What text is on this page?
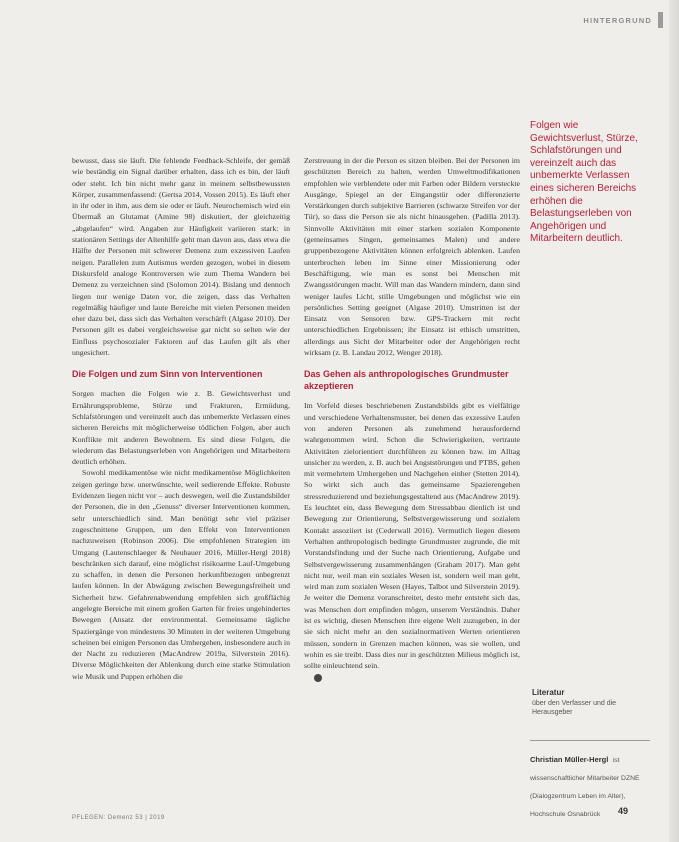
HINTERGRUND
Folgen wie Gewichtsverlust, Stürze, Schlafstörungen und vereinzelt auch das unbemerkte Verlassen eines sicheren Bereichs erhöhen die Belastungserleben von Angehörigen und Mitarbeitern deutlich.

bewusst, dass sie läuft. Die fehlende Feedback-Schleife, der gemäß wie beständig ein Signal darüber erhalten, dass ich es bin, der läuft oder steht. Ich bin nicht mehr ganz in meinem selbstbewussten Körper, zusammenfassend: (Gertsa 2014, Vossen 2015). Es läuft eher in ihr oder in ihm, aus dem sie oder er läuft. Neurochemisch wird ein Übermaß an Glutamat (Amine 98) diskutiert, der gleichzeitig „abgelaufen“ wird. Angaben zur Häufigkeit variieren stark: in stationären Settings der Altenhilfe geht man davon aus, dass etwa die Hälfte der Personen mit schwerer Demenz zum exzessiven Laufen neigen. Parallelen zum Autismus werden gezogen, wobei in diesem Diskursfeld analoge Kontroversen wie zum Thema Wandern bei Demenz zu verzeichnen sind (Solomon 2014). Bislang und dennoch liegen nur wenige Daten vor, die zeigen, dass das Verhalten regelmäßig häufiger und laute Bereiche mit vielen Personen meiden eher dazu bei, dass sich das Verhalten verschärft (Algase 2010). Der Personen gilt es dabei vergleichsweise gar nicht so selten wie der Einfluss psychosozialer Faktoren auf das Laufen gilt als eher ungesichert.

Die Folgen und zum Sinn von Interventionen

Sorgen machen die Folgen wie z. B. Gewichtsverlust und Ernährungsprobleme, Stürze und Frakturen, Ermüdung, Schlafstörungen und vereinzelt auch das unbemerkte Verlassen eines sicheren Bereichs mit möglicherweise tödlichen Folgen, aber auch Konflikte mit anderen Bewohnern. Es sind diese Folgen, die wiederum das Belastungserleben von Angehörigen und Mitarbeitern deutlich erhöhen.

Sowohl medikamentöse wie nicht medikamentöse Möglichkeiten zeigen geringe bzw. unerwünschte, weil sedierende Effekte. Robuste Evidenzen liegen nicht vor – auch deswegen, weil die Zustandsbilder der Personen, die in den „Genuss“ diverser Interventionen kommen, sehr unterschiedlich sind. Man benötigt sehr viel präziser zugeschnittene Gruppen, um den Effekt von Interventionen nachzuweisen (Robinson 2006). Die empfohlenen Strategien im Umgang (Lautenschlaeger & Neubauer 2016, Müller-Hergl 2018) beschränken sich darauf, eine möglichst risikoarme Lauf-Umgebung zu schaffen, in denen die Personen herkunftbezogen unbegrenzt laufen können. In der Abwägung zwischen Bewegungsfreiheit und Sicherheit bzw. Gefahrenabwendung empfehlen sich großflächig angelegte Bereiche mit einem großen Garten für freies ungehindertes Bewegen (Ansatz der environmental. Gemeinsame tägliche Spaziergänge von mindestens 30 Minuten in der weiteren Umgebung scheinen bei einigen Personen das Umhergehen, insbesondere auch in der Nacht zu reduzieren (MacAndrew 2019a, Silverstein 2016). Diverse Möglichkeiten der Ablenkung durch eine starke Stimulation wie Musik und Puppen erhöhen die

Zerstreuung in der die Person es sitzen bleiben. Bei der Personen im geschützten Bereich zu halten, werden Umweltmodifikationen empfohlen wie verblendete oder mit Farben oder Bildern versteckte Ausgänge, Spiegel an der Eingangstür oder differenzierte Verstärkungen durch subjektive Barrieren (schwarze Streifen vor der Tür), so dass die Person sie als nicht hinausgehen. (Padilla 2013). Sinnvolle Aktivitäten mit einer starken sozialen Komponente (gemeinsames Singen, gemeinsames Malen) und andere gruppenbezogene Aktivitäten können erfolgreich ablenken. Laufen unterbrochen leben im Sinne einer Missionierung oder Beschäftigung, wie man es sonst bei Menschen mit Zwangsstörungen macht. Will man das Wandern mindern, dann sind weniger laufes Licht, stille Umgebungen und möglichst wie ein persönliches Setting geeignet (Algase 2010). Umstritten ist der Einsatz von Sensoren bzw. GPS-Trackern mit recht unterschiedlichen Ergebnissen; ihr Einsatz ist ethisch umstritten, allerdings aus Sicht der Mitarbeiter oder der Angehörigen recht wirksam (z. B. Landau 2012, Wenger 2018).

Das Gehen als anthropologisches Grundmuster akzeptieren

Im Vorfeld dieses beschriebenen Zustandsbilds gibt es vielfältige und verschiedene Verhaltensmuster, bei denen das exzessive Laufen von anderen Personen als zunehmend herausfordernd wahrgenommen wird. Schon die Schwierigkeiten, vertraute Aktivitäten zielorientiert durchführen zu können bzw. im Alltag unsicher zu werden, z. B. auch bei Angststörungen und PTBS, gehen mit vermehrtem Umhergehen und Nachgehen einher (Stetten 2014). So wirkt sich auch das gemeinsame Spazierengehen stressreduzierend und beziehungsgestaltend aus (MacAndrew 2019). Es leuchtet ein, dass Bewegung dem Stressabbau dienlich ist und Bewegung zur Orientierung, Selbstvergewisserung und sozialem Kontakt assoziiert ist (Cederwall 2016). Vermutlich liegen diesem Verhalten anthropologisch bedingte Grundmuster zugrunde, die mit Vorstandsfindung und der Suche nach Orientierung, Aufgabe und Selbstvergewisserung zusammenhängen (Graham 2017). Man geht nicht nur, weil man ein soziales Wesen ist, sondern weil man geht, wird man zum sozialen Wesen (Hayes, Talbot und Silverstein 2019). Je weiter die Demenz voranschreitet, desto mehr entsteht sich das, was Menschen dort empfinden mögen, unserem Verständnis. Daher ist es wichtig, diesen Menschen ihre eigene Welt zuzugeben, in der sie sich nicht mehr an den sozialnormativen Werten orientieren müssen, sondern in Grenzen machen können, was sie wollen, und wohin es sie treibt. Dass dies nur in geschützten Milieus möglich ist, sollte einleuchtend sein.

Literatur
über den Verfasser und die Herausgeber
Christian Müller-Hergl ist wissenschaftlicher Mitarbeiter DZNE (Dialogzentrum Leben im Alter), Hochschule Osnabrück
PFLEGEN: Demenz 53 | 2019
49
